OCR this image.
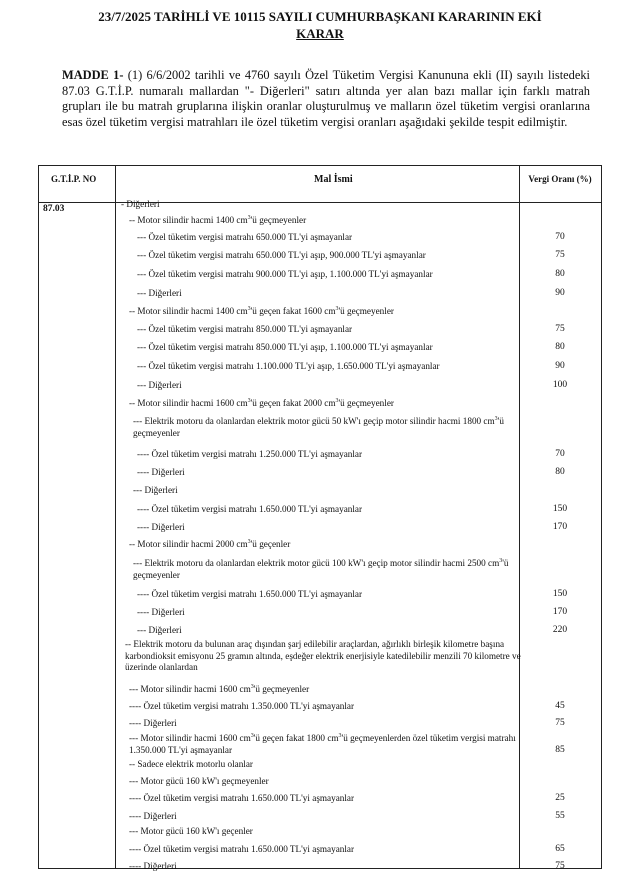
23/7/2025 TARİHLİ VE 10115 SAYILI CUMHURBAŞKANI KARARININ EKİ
KARAR
MADDE 1- (1) 6/6/2002 tarihli ve 4760 sayılı Özel Tüketim Vergisi Kanununa ekli (II) sayılı listedeki 87.03 G.T.İ.P. numaralı mallardan "- Diğerleri" satırı altında yer alan bazı mallar için farklı matrah grupları ile bu matrah gruplarına ilişkin oranlar oluşturulmuş ve malların özel tüketim vergisi oranlarına esas özel tüketim vergisi matrahları ile özel tüketim vergisi oranları aşağıdaki şekilde tespit edilmiştir.
G.T.İ.P. NO	Mal İsmi	Vergi Oranı (%)
87.03	- Diğerleri
-- Motor silindir hacmi 1400 $cm^3'ü$ geçmeyenler
--- Özel tüketim vergisi matrahı 650.000 TL'yi aşmayanlar	70
--- Özel tüketim vergisi matrahı 650.000 TL'yi aşıp, 900.000 TL'yi aşmayanlar	75
--- Özel tüketim vergisi matrahı 900.000 TL'yi aşıp, 1.100.000 TL'yi aşmayanlar	80
--- Diğerleri	90
-- Motor silindir hacmi 1400 $cm^3'ü$ geçen fakat 1600 $cm^3'ü$ geçmeyenler
--- Özel tüketim vergisi matrahı 850.000 TL'yi aşmayanlar	75
--- Özel tüketim vergisi matrahı 850.000 TL'yi aşıp, 1.100.000 TL'yi aşmayanlar	80
--- Özel tüketim vergisi matrahı 1.100.000 TL'yi aşıp, 1.650.000 TL'yi aşmayanlar	90
--- Diğerleri	100
-- Motor silindir hacmi 1600 $cm^3'ü$ geçen fakat 2000 $cm^3'ü$ geçmeyenler
--- Elektrik motoru da olanlardan elektrik motor gücü 50 kW'ı geçip motor silindir hacmi 1800 $cm^3'ü$ geçmeyenler
---- Özel tüketim vergisi matrahı 1.250.000 TL'yi aşmayanlar	70
---- Diğerleri	80
--- Diğerleri
---- Özel tüketim vergisi matrahı 1.650.000 TL'yi aşmayanlar	150
---- Diğerleri	170
-- Motor silindir hacmi 2000 $cm^3'ü$ geçenler
--- Elektrik motoru da olanlardan elektrik motor gücü 100 kW'ı geçip motor silindir hacmi 2500 $cm^3'ü$ geçmeyenler
---- Özel tüketim vergisi matrahı 1.650.000 TL'yi aşmayanlar	150
---- Diğerleri	170
--- Diğerleri	220
-- Elektrik motoru da bulunan araç dışından şarj edilebilir araçlardan, ağırlıklı birleşik kilometre başına karbondioksit emisyonu 25 gramın altında, eşdeğer elektrik enerjisiyle katedilebilir menzili 70 kilometre ve üzerinde olanlardan
--- Motor silindir hacmi 1600 $cm^3'ü$ geçmeyenler
---- Özel tüketim vergisi matrahı 1.350.000 TL'yi aşmayanlar	45
---- Diğerleri	75
--- Motor silindir hacmi 1600 $cm^3'ü$ geçen fakat 1800 $cm^3'ü$ geçmeyenlerden özel tüketim vergisi matrahı 1.350.000 TL'yi aşmayanlar	85
-- Sadece elektrik motorlu olanlar
--- Motor gücü 160 kW'ı geçmeyenler
---- Özel tüketim vergisi matrahı 1.650.000 TL'yi aşmayanlar	25
---- Diğerleri	55
--- Motor gücü 160 kW'ı geçenler
---- Özel tüketim vergisi matrahı 1.650.000 TL'yi aşmayanlar	65
---- Diğerleri	75
